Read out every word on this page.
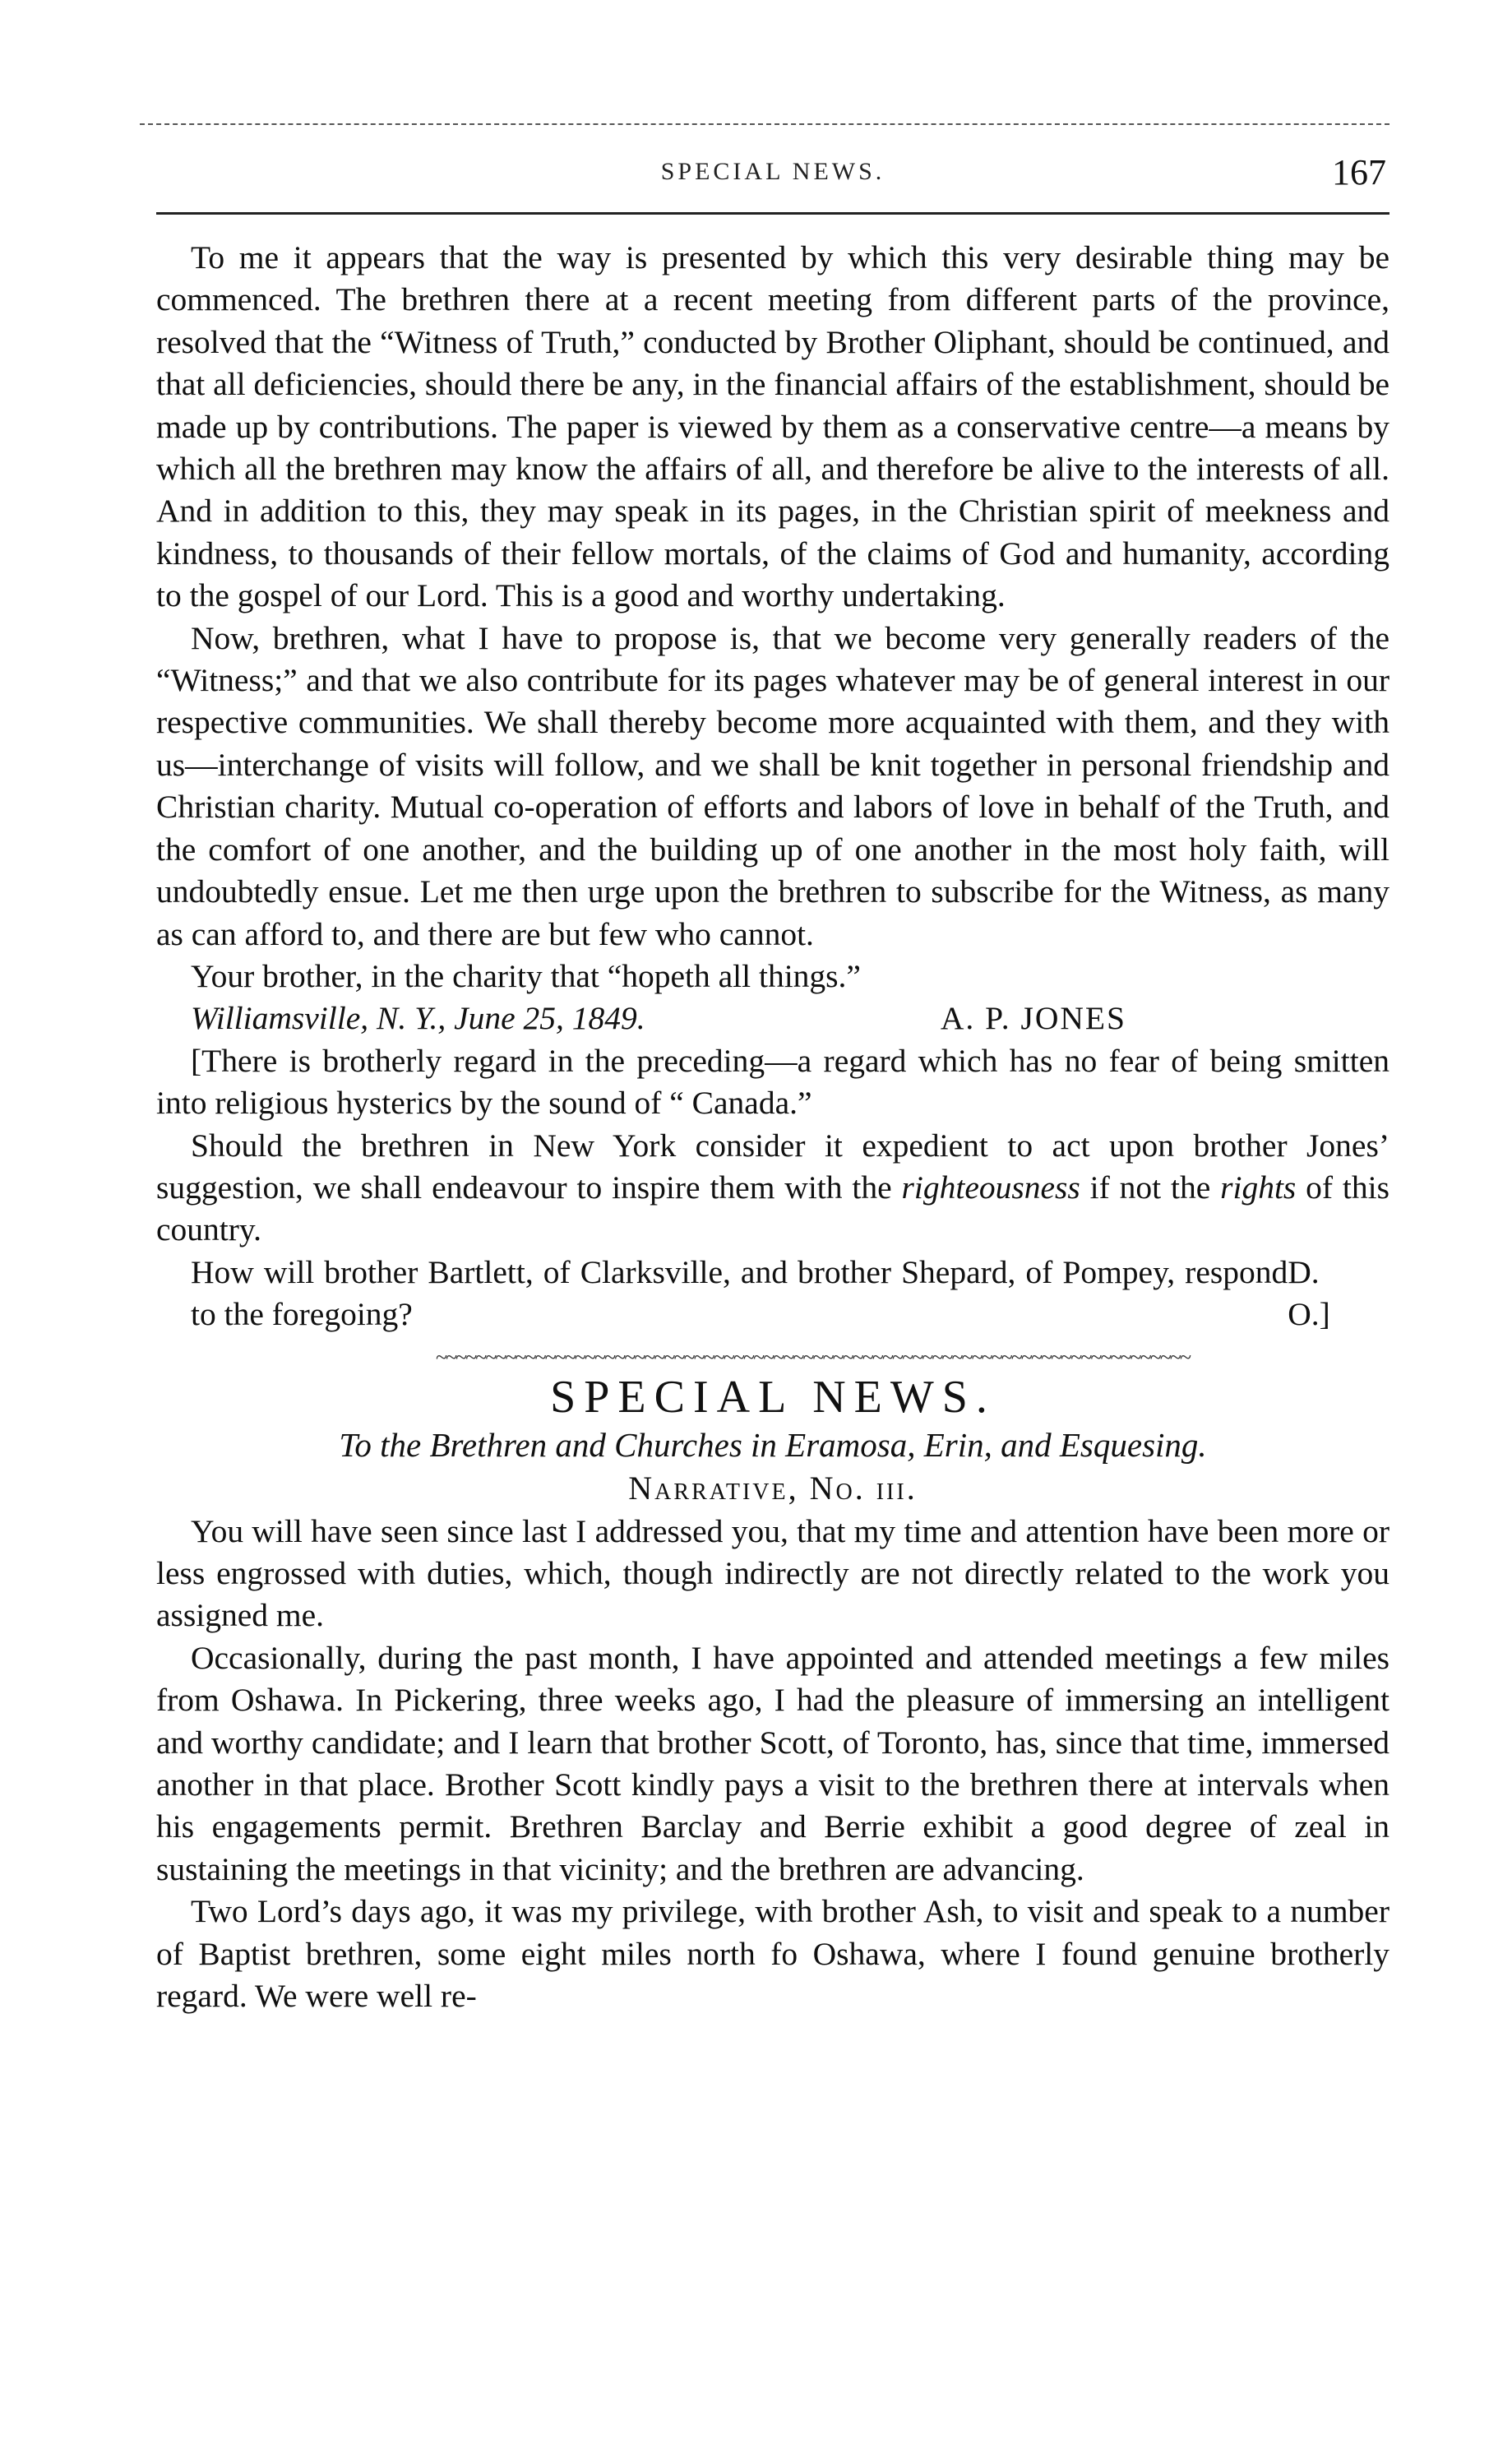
SPECIAL NEWS.	167

To me it appears that the way is presented by which this very desirable thing may be commenced. The brethren there at a recent meeting from different parts of the province, resolved that the “Witness of Truth,” conducted by Brother Oliphant, should be continued, and that all deficiencies, should there be any, in the financial affairs of the establishment, should be made up by contributions. The paper is viewed by them as a conservative centre—a means by which all the brethren may know the affairs of all, and therefore be alive to the interests of all. And in addition to this, they may speak in its pages, in the Christian spirit of meekness and kindness, to thousands of their fellow mortals, of the claims of God and humanity, according to the gospel of our Lord. This is a good and worthy undertaking.

Now, brethren, what I have to propose is, that we become very generally readers of the “Witness;” and that we also contribute for its pages whatever may be of general interest in our respective communities. We shall thereby become more acquainted with them, and they with us—interchange of visits will follow, and we shall be knit together in personal friendship and Christian charity. Mutual co-operation of efforts and labors of love in behalf of the Truth, and the comfort of one another, and the building up of one another in the most holy faith, will undoubtedly ensue. Let me then urge upon the brethren to subscribe for the Witness, as many as can afford to, and there are but few who cannot.

Your brother, in the charity that “hopeth all things.”

Williamsville, N. Y., June 25, 1849.	A. P. JONES

[There is brotherly regard in the preceding—a regard which has no fear of being smitten into religious hysterics by the sound of “ Canada.”

Should the brethren in New York consider it expedient to act upon brother Jones’ suggestion, we shall endeavour to inspire them with the righteousness if not the rights of this country.

How will brother Bartlett, of Clarksville, and brother Shepard, of Pompey, respond to the foregoing?
D. O.]
~~~~~~~~~~~~~~~~~~~~~~~~~~~~~~~~~~~~~~~~~~~~~~~~~~~~~~~~~~~~~~~~~~~~~~~~~~~~
SPECIAL NEWS.
To the Brethren and Churches in Eramosa, Erin, and Esquesing.
Narrative, No. iii.

You will have seen since last I addressed you, that my time and attention have been more or less engrossed with duties, which, though indirectly are not directly related to the work you assigned me.

Occasionally, during the past month, I have appointed and attended meetings a few miles from Oshawa. In Pickering, three weeks ago, I had the pleasure of immersing an intelligent and worthy candidate; and I learn that brother Scott, of Toronto, has, since that time, immersed another in that place. Brother Scott kindly pays a visit to the brethren there at intervals when his engagements permit. Brethren Barclay and Berrie exhibit a good degree of zeal in sustaining the meetings in that vicinity; and the brethren are advancing.

Two Lord’s days ago, it was my privilege, with brother Ash, to visit and speak to a number of Baptist brethren, some eight miles north fo Oshawa, where I found genuine brotherly regard. We were well re-
